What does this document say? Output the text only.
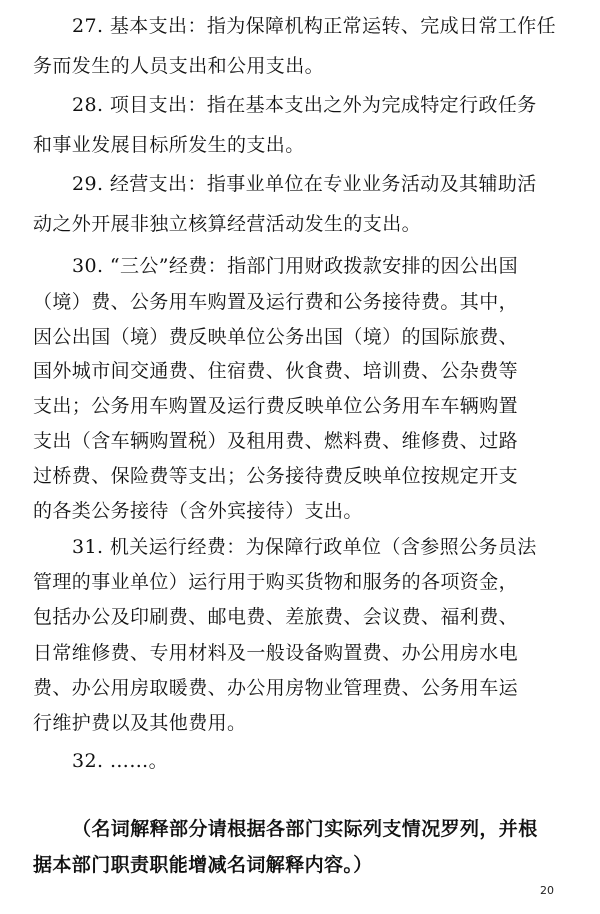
27. 基本支出：指为保障机构正常运转、完成日常工作任
务而发生的人员支出和公用支出。
28. 项目支出：指在基本支出之外为完成特定行政任务
和事业发展目标所发生的支出。
29. 经营支出：指事业单位在专业业务活动及其辅助活
动之外开展非独立核算经营活动发生的支出。
30. “三公”经费：指部门用财政拨款安排的因公出国
（境）费、公务用车购置及运行费和公务接待费。其中，
因公出国（境）费反映单位公务出国（境）的国际旅费、
国外城市间交通费、住宿费、伙食费、培训费、公杂费等
支出；公务用车购置及运行费反映单位公务用车车辆购置
支出（含车辆购置税）及租用费、燃料费、维修费、过路
过桥费、保险费等支出；公务接待费反映单位按规定开支
的各类公务接待（含外宾接待）支出。
31. 机关运行经费：为保障行政单位（含参照公务员法
管理的事业单位）运行用于购买货物和服务的各项资金，
包括办公及印刷费、邮电费、差旅费、会议费、福利费、
日常维修费、专用材料及一般设备购置费、办公用房水电
费、办公用房取暖费、办公用房物业管理费、公务用车运
行维护费以及其他费用。
32. ……。
（名词解释部分请根据各部门实际列支情况罗列，并根
据本部门职责职能增减名词解释内容。）
20
